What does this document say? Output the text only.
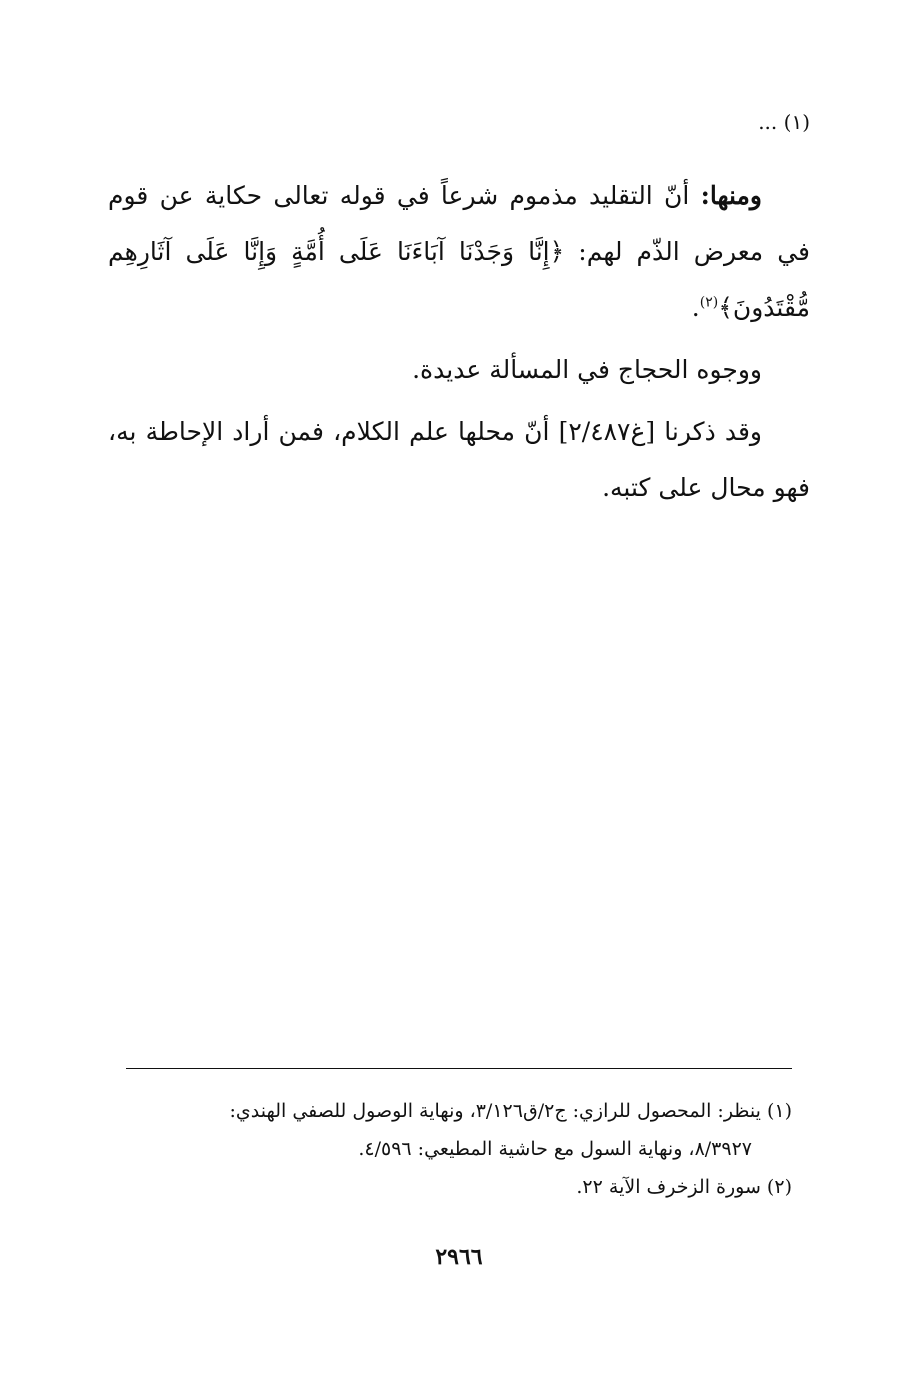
(١) ...

ومنها: أنّ التقليد مذموم شرعاً في قوله تعالى حكاية عن قوم في معرض الذّم لهم: ﴿إِنَّا وَجَدْنَا آبَاءَنَا عَلَى أُمَّةٍ وَإِنَّا عَلَى آثَارِهِم مُّقْتَدُونَ﴾$^{(٢)}$.

ووجوه الحجاج في المسألة عديدة.

وقد ذكرنا [غ٢/٤٨٧] أنّ محلها علم الكلام، فمن أراد الإحاطة به، فهو محال على كتبه.

(١) ينظر: المحصول للرازي: ج٢/ق٣/١٢٦، ونهاية الوصول للصفي الهندي:

٨/٣٩٢٧، ونهاية السول مع حاشية المطيعي: ٤/٥٩٦.

(٢) سورة الزخرف الآية ٢٢.

٢٩٦٦
